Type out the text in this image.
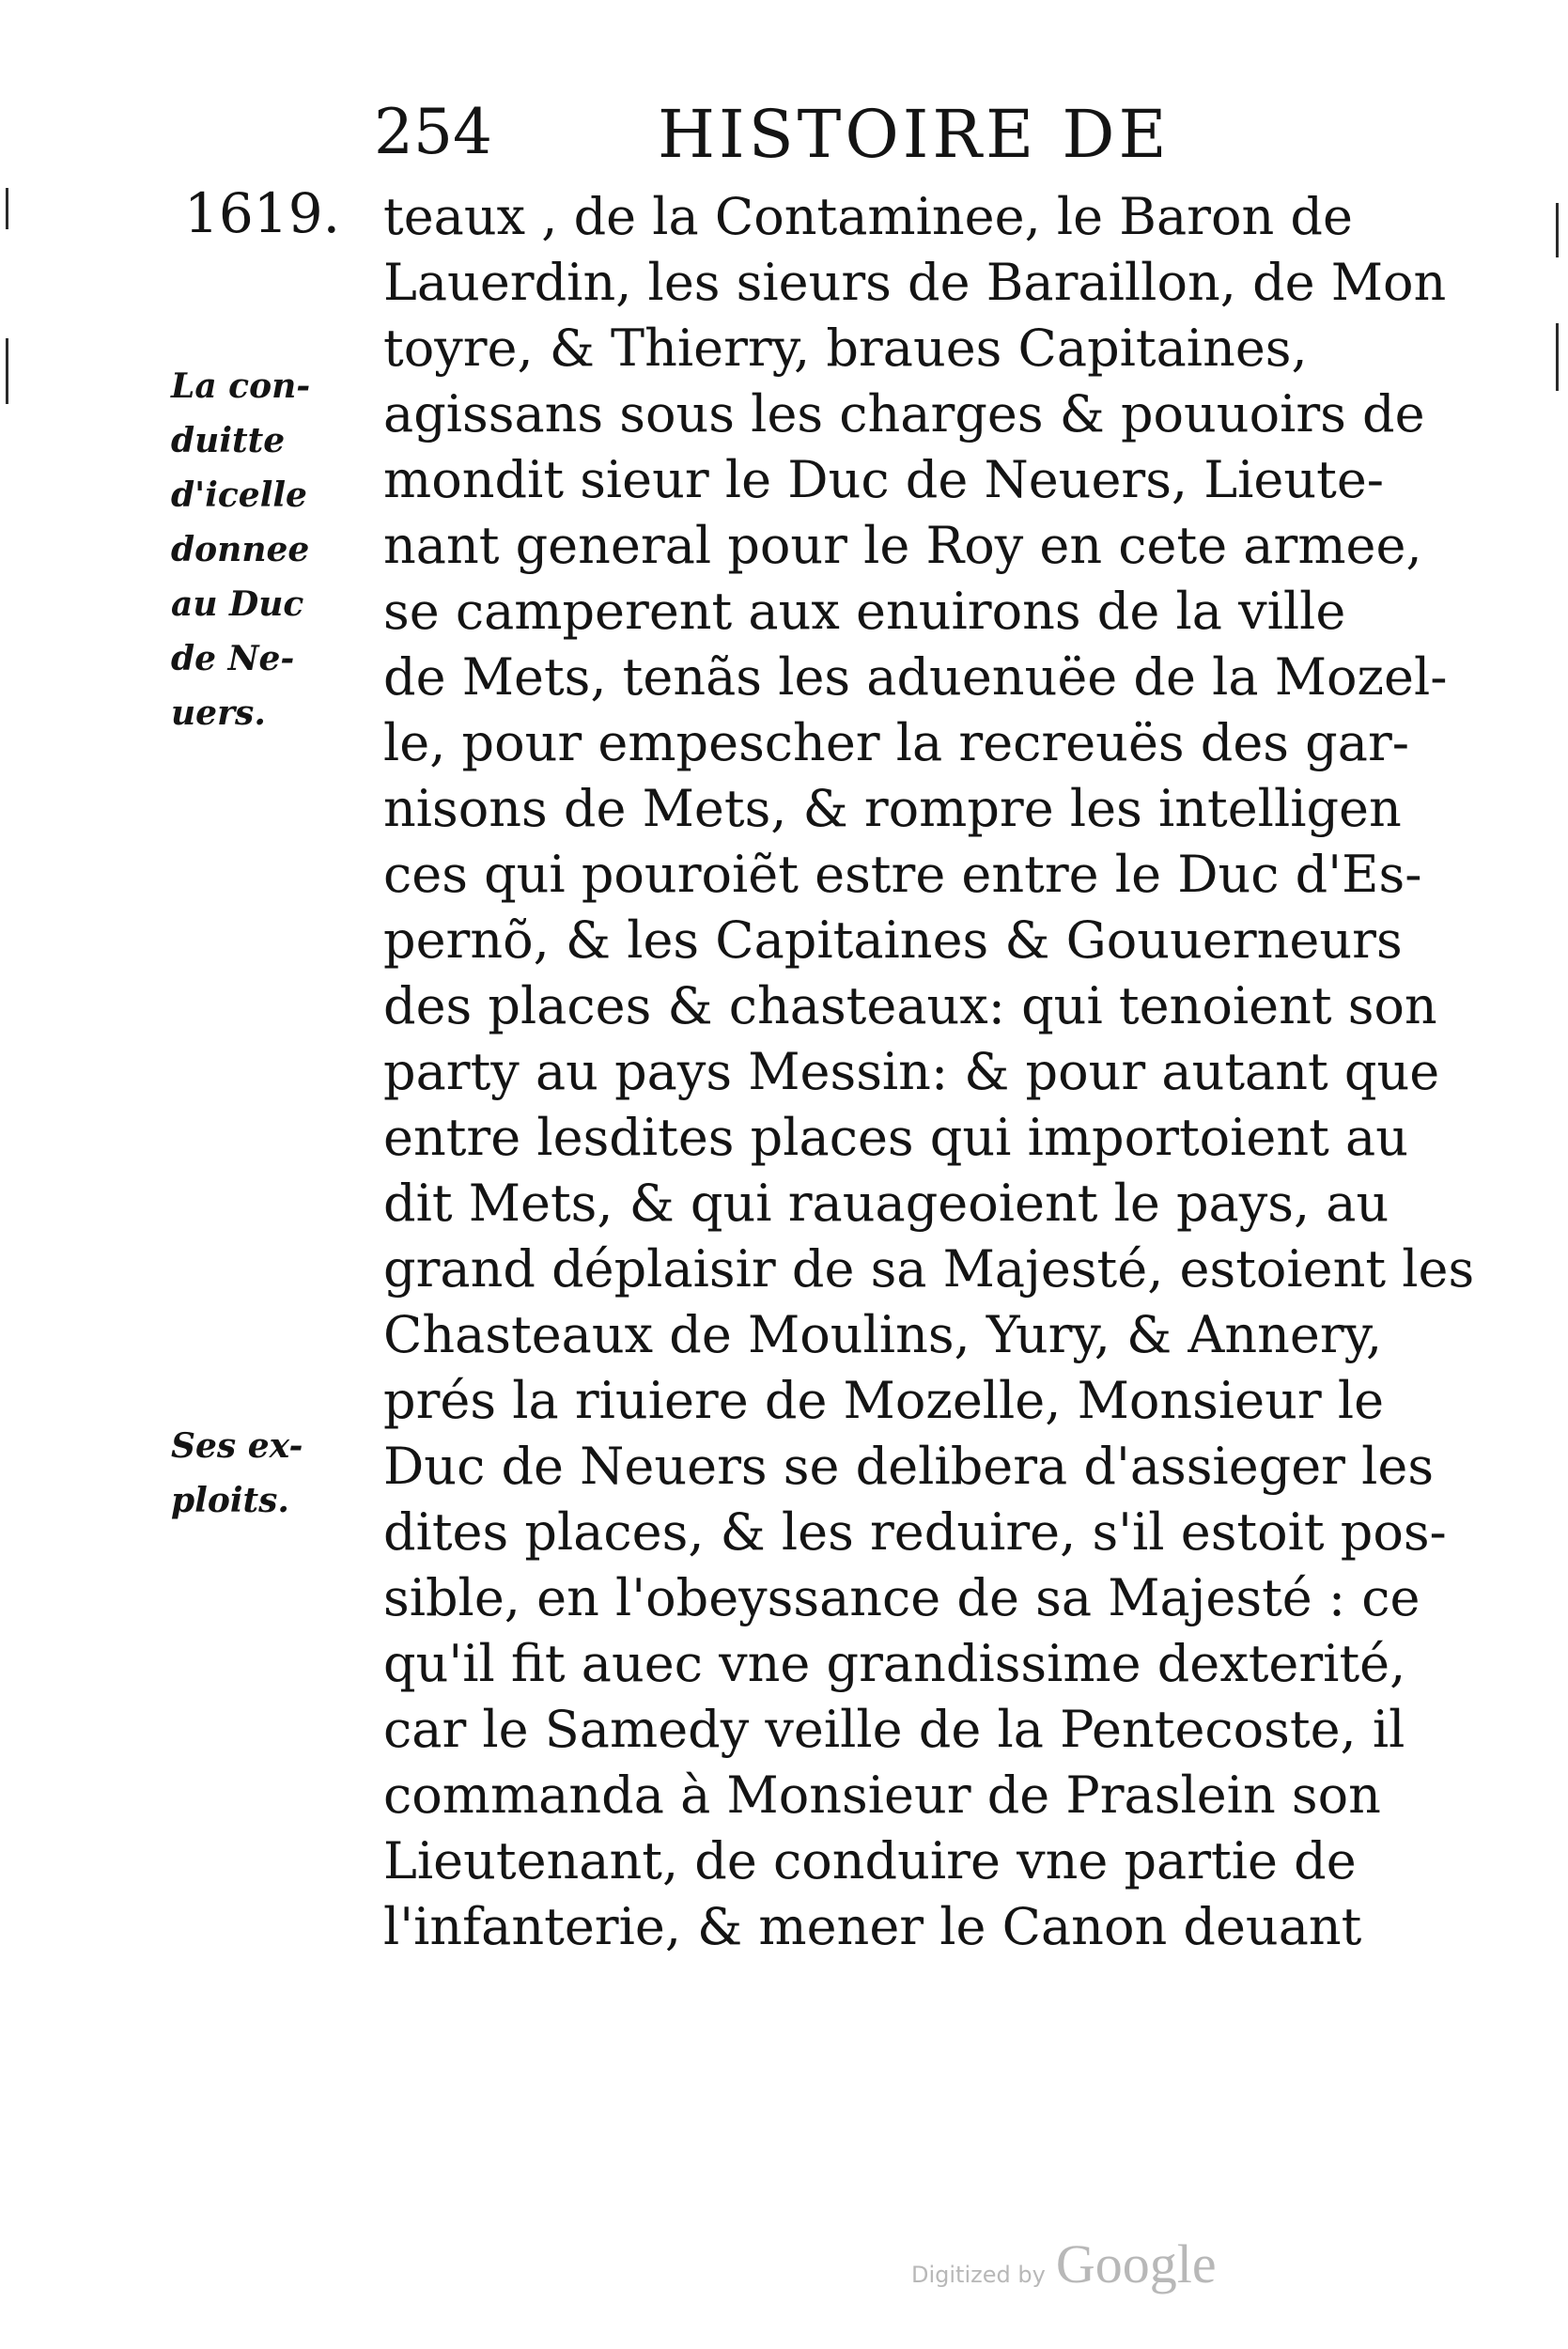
254	HISTOIRE DE
1619.
La con-
duitte
d'icelle
donnee
au Duc
de Ne-
uers.
Ses ex-
ploits.
teaux , de la Contaminee, le Baron de
Lauerdin, les sieurs de Baraillon, de Mon
toyre, & Thierry, braues Capitaines,
agissans sous les charges & pouuoirs de
mondit sieur le Duc de Neuers, Lieute-
nant general pour le Roy en cete armee,
se camperent aux enuirons de la ville
de Mets, tenãs les aduenuëe de la Mozel-
le, pour empescher la recreuës des gar-
nisons de Mets, & rompre les intelligen
ces qui pouroiẽt estre entre le Duc d'Es-
pernõ, & les Capitaines & Gouuerneurs
des places & chasteaux: qui tenoient son
party au pays Messin: & pour autant que
entre lesdites places qui importoient au
dit Mets, & qui rauageoient le pays, au
grand déplaisir de sa Majesté, estoient les
Chasteaux de Moulins, Yury, & Annery,
prés la riuiere de Mozelle, Monsieur le
Duc de Neuers se delibera d'assieger les
dites places, & les reduire, s'il estoit pos-
sible, en l'obeyssance de sa Majesté : ce
qu'il fit auec vne grandissime dexterité,
car le Samedy veille de la Pentecoste, il
commanda à Monsieur de Praslein son
Lieutenant, de conduire vne partie de
l'infanterie, & mener le Canon deuant
Digitized by Google
